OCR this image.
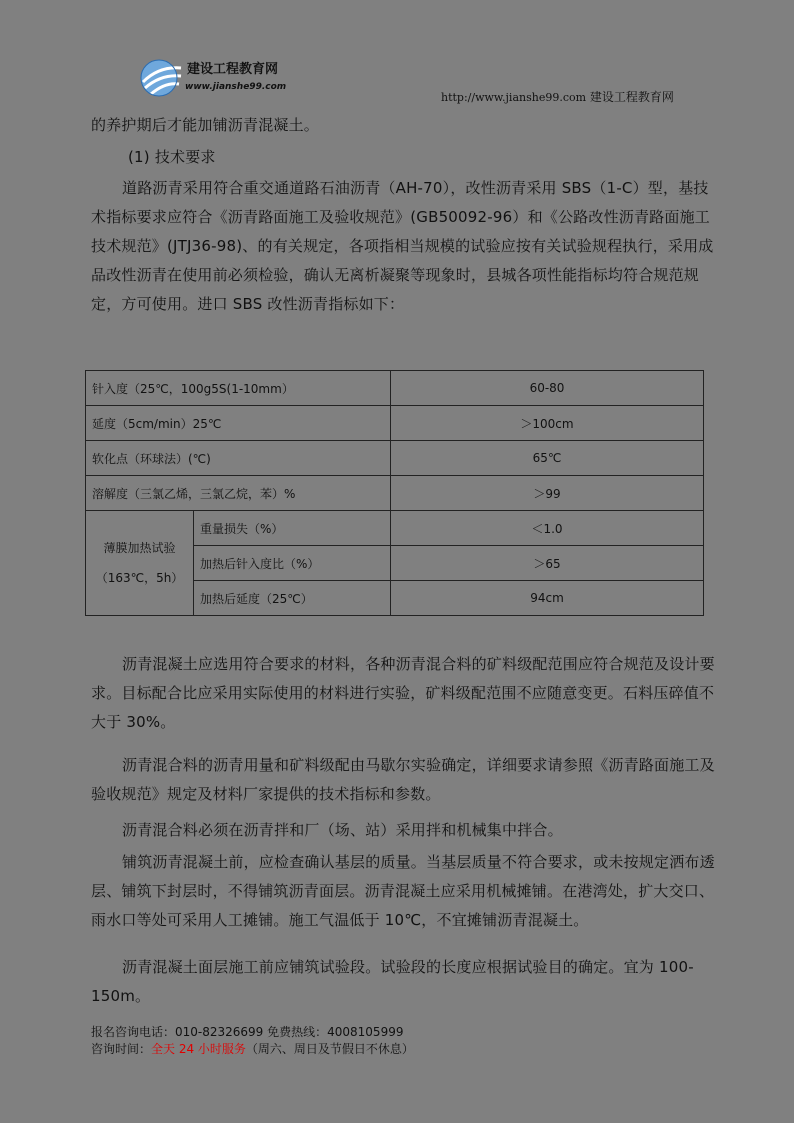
建设工程教育网
www.jianshe99.com
http://www.jianshe99.com 建设工程教育网
的养护期后才能加铺沥青混凝土。
(1) 技术要求
道路沥青采用符合重交通道路石油沥青（AH-70），改性沥青采用 SBS（1-C）型，基技术指标要求应符合《沥青路面施工及验收规范》(GB50092-96）和《公路改性沥青路面施工技术规范》(JTJ36-98)、的有关规定，各项指相当规模的试验应按有关试验规程执行，采用成品改性沥青在使用前必须检验，确认无离析凝聚等现象时，县城各项性能指标均符合规范规定，方可使用。进口 SBS 改性沥青指标如下：
针入度（25℃，100g5S(1-10mm）		60-80
延度（5cm/min）25℃		＞100cm
软化点（环球法）(℃)		65℃
溶解度（三氯乙烯，三氯乙烷，苯）%		＞99

薄膜加热试验
（163℃，5h）	重量损失（%）	＜1.0
	加热后针入度比（%）	＞65
	加热后延度（25℃）	94cm
沥青混凝土应选用符合要求的材料，各种沥青混合料的矿料级配范围应符合规范及设计要求。目标配合比应采用实际使用的材料进行实验，矿料级配范围不应随意变更。石料压碎值不大于 30%。
沥青混合料的沥青用量和矿料级配由马歇尔实验确定，详细要求请参照《沥青路面施工及验收规范》规定及材料厂家提供的技术指标和参数。
沥青混合料必须在沥青拌和厂（场、站）采用拌和机械集中拌合。
铺筑沥青混凝土前，应检查确认基层的质量。当基层质量不符合要求，或未按规定洒布透层、铺筑下封层时，不得铺筑沥青面层。沥青混凝土应采用机械摊铺。在港湾处，扩大交口、雨水口等处可采用人工摊铺。施工气温低于 10℃，不宜摊铺沥青混凝土。
沥青混凝土面层施工前应铺筑试验段。试验段的长度应根据试验目的确定。宜为 100-150m。
报名咨询电话：010-82326699 免费热线：4008105999
咨询时间：全天 24 小时服务（周六、周日及节假日不休息）
